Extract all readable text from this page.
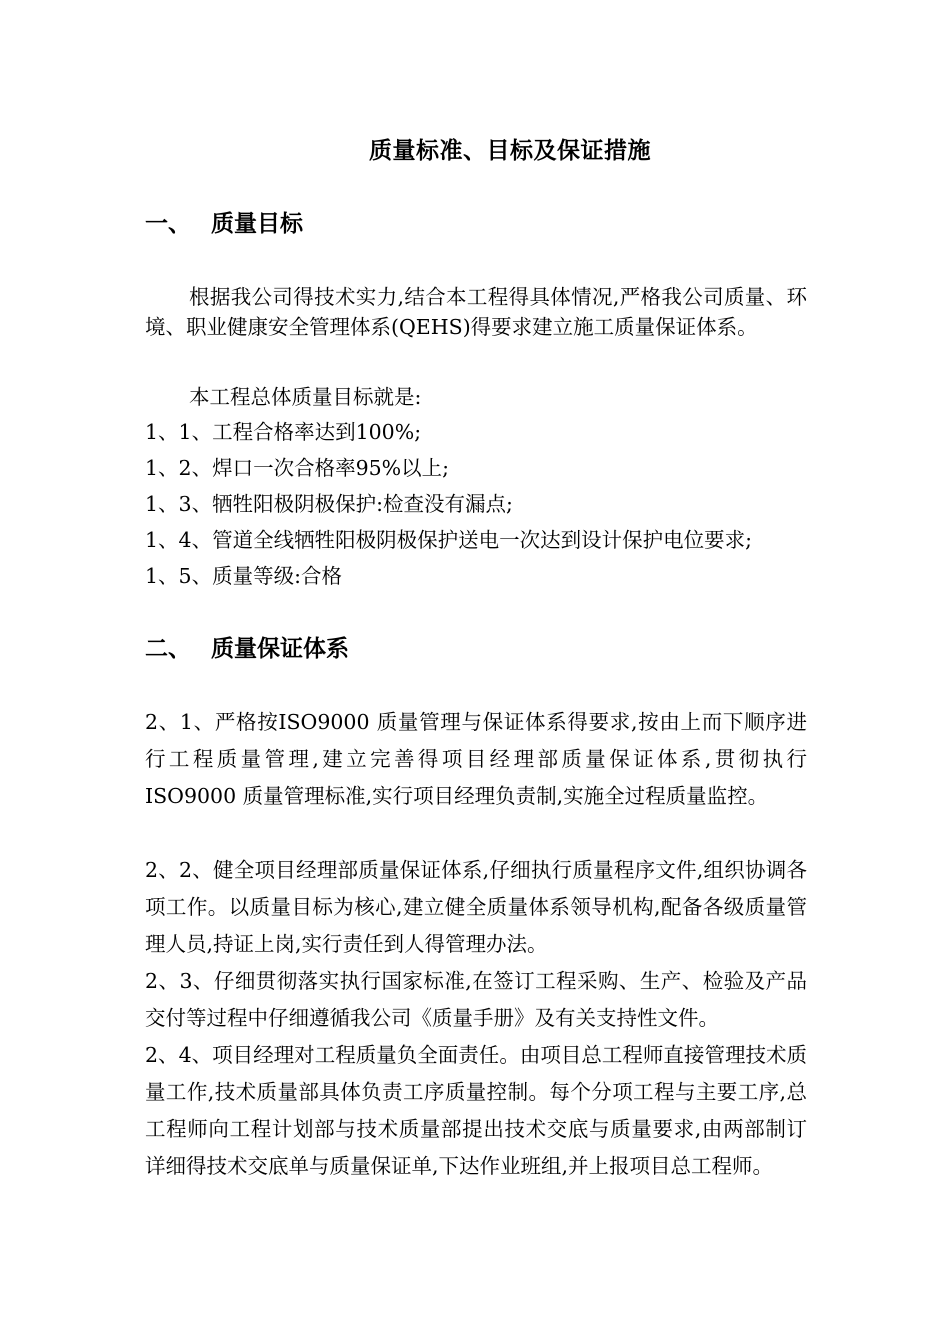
质量标准、目标及保证措施
一、 质量目标

根据我公司得技术实力,结合本工程得具体情况,严格我公司质量、环境、职业健康安全管理体系(QEHS)得要求建立施工质量保证体系。

本工程总体质量目标就是:

1、1、工程合格率达到100%;

1、2、焊口一次合格率95%以上;

1、3、牺牲阳极阴极保护:检查没有漏点;

1、4、管道全线牺牲阳极阴极保护送电一次达到设计保护电位要求;

1、5、质量等级:合格

二、 质量保证体系

2、1、严格按ISO9000 质量管理与保证体系得要求,按由上而下顺序进行工程质量管理,建立完善得项目经理部质量保证体系,贯彻执行 ISO9000 质量管理标准,实行项目经理负责制,实施全过程质量监控。

2、2、健全项目经理部质量保证体系,仔细执行质量程序文件,组织协调各项工作。以质量目标为核心,建立健全质量体系领导机构,配备各级质量管理人员,持证上岗,实行责任到人得管理办法。

2、3、仔细贯彻落实执行国家标准,在签订工程采购、生产、检验及产品交付等过程中仔细遵循我公司《质量手册》及有关支持性文件。

2、4、项目经理对工程质量负全面责任。由项目总工程师直接管理技术质量工作,技术质量部具体负责工序质量控制。每个分项工程与主要工序,总工程师向工程计划部与技术质量部提出技术交底与质量要求,由两部制订详细得技术交底单与质量保证单,下达作业班组,并上报项目总工程师。
